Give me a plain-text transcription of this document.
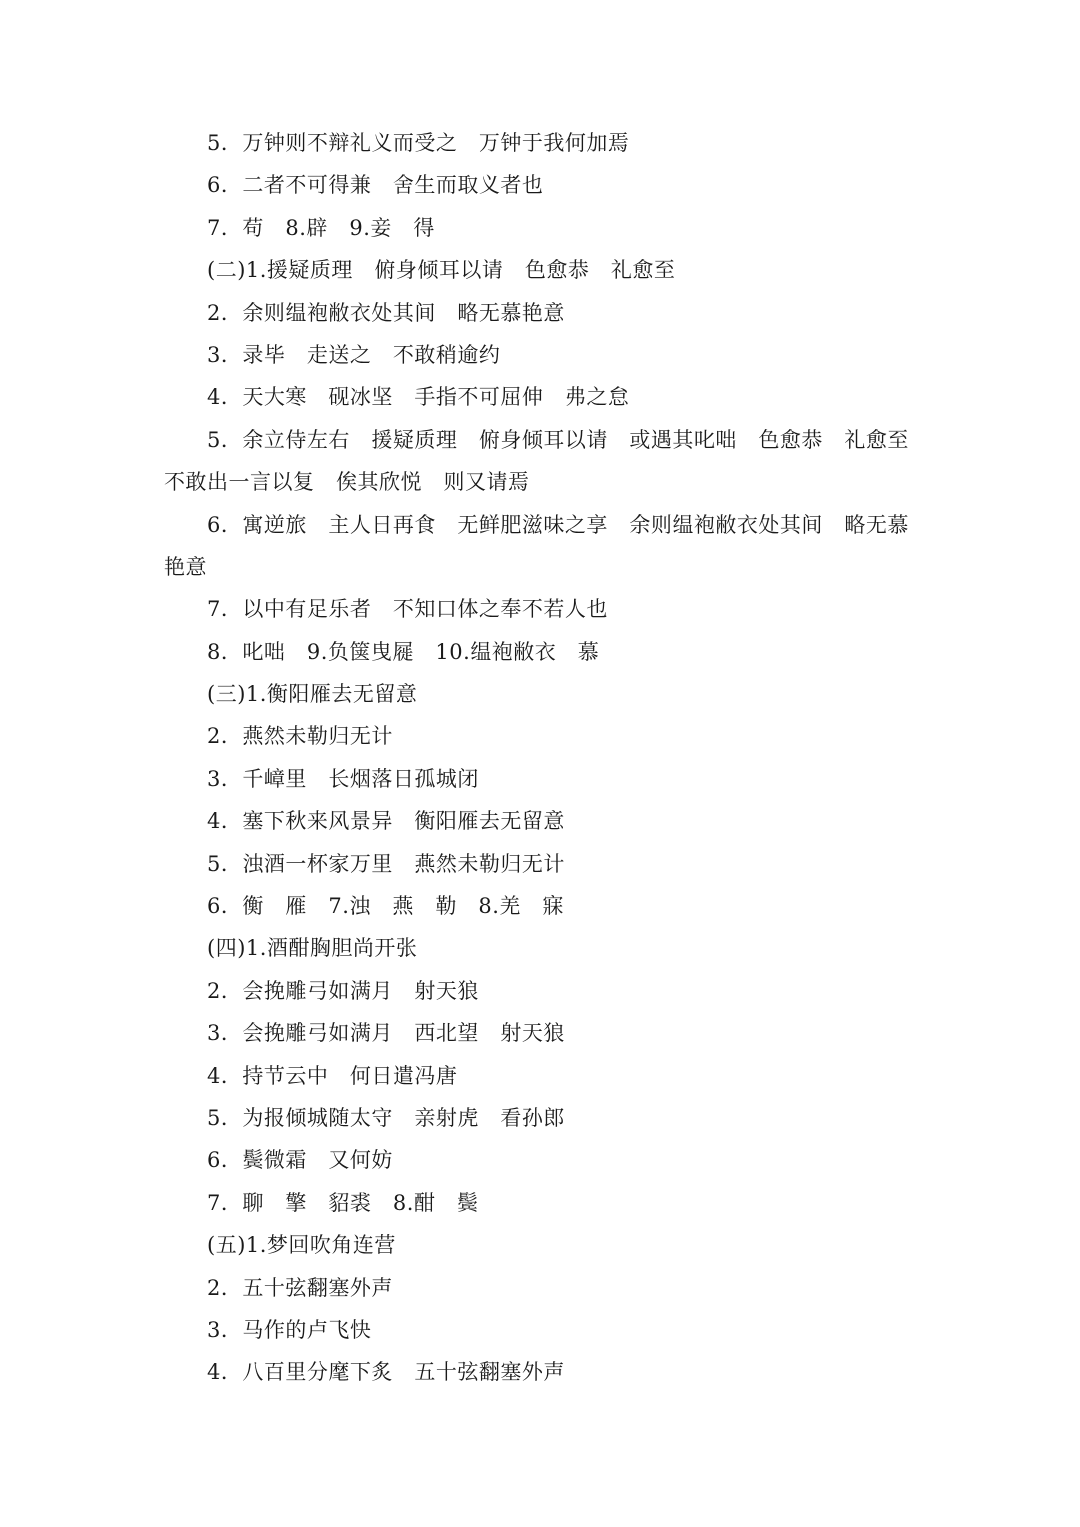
5．万钟则不辩礼义而受之　万钟于我何加焉
6．二者不可得兼　舍生而取义者也
7．苟　8.辟　9.妾　得
(二)1.援疑质理　俯身倾耳以请　色愈恭　礼愈至
2．余则缊袍敝衣处其间　略无慕艳意
3．录毕　走送之　不敢稍逾约
4．天大寒　砚冰坚　手指不可屈伸　弗之怠
5．余立侍左右　援疑质理　俯身倾耳以请　或遇其叱咄　色愈恭　礼愈至
不敢出一言以复　俟其欣悦　则又请焉
6．寓逆旅　主人日再食　无鲜肥滋味之享　余则缊袍敝衣处其间　略无慕
艳意
7．以中有足乐者　不知口体之奉不若人也
8．叱咄　9.负箧曳屣　10.缊袍敝衣　慕
(三)1.衡阳雁去无留意
2．燕然未勒归无计
3．千嶂里　长烟落日孤城闭
4．塞下秋来风景异　衡阳雁去无留意
5．浊酒一杯家万里　燕然未勒归无计
6．衡　雁　7.浊　燕　勒　8.羌　寐
(四)1.酒酣胸胆尚开张
2．会挽雕弓如满月　射天狼
3．会挽雕弓如满月　西北望　射天狼
4．持节云中　何日遣冯唐
5．为报倾城随太守　亲射虎　看孙郎
6．鬓微霜　又何妨
7．聊　擎　貂裘　8.酣　鬓
(五)1.梦回吹角连营
2．五十弦翻塞外声
3．马作的卢飞快
4．八百里分麾下炙　五十弦翻塞外声
